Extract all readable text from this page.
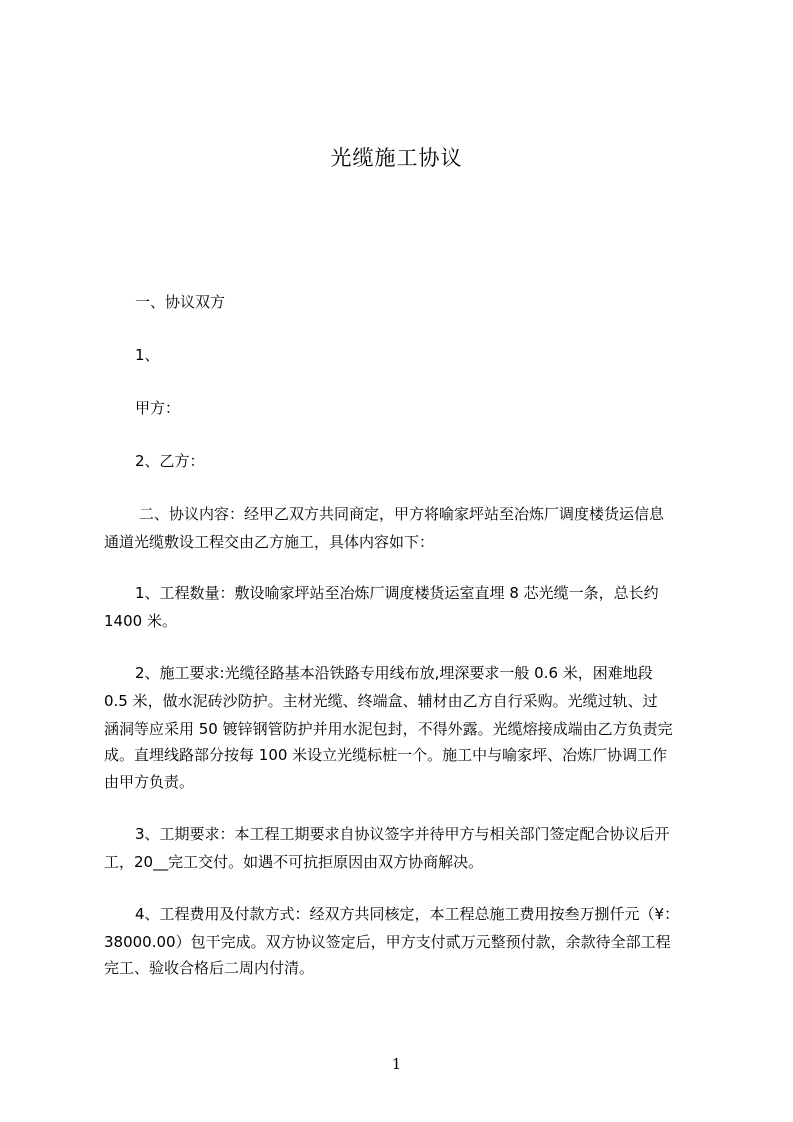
光缆施工协议
一、协议双方
1、
甲方：
2、乙方：
二、协议内容：经甲乙双方共同商定，甲方将喻家坪站至冶炼厂调度楼货运信息
通道光缆敷设工程交由乙方施工，具体内容如下：
1、工程数量：敷设喻家坪站至冶炼厂调度楼货运室直埋 8 芯光缆一条，总长约
1400 米。
2、施工要求:光缆径路基本沿铁路专用线布放,埋深要求一般 0.6 米，困难地段
0.5 米，做水泥砖沙防护。主材光缆、终端盒、辅材由乙方自行采购。光缆过轨、过
涵洞等应采用 50 镀锌钢管防护并用水泥包封，不得外露。光缆熔接成端由乙方负责完
成。直埋线路部分按每 100 米设立光缆标桩一个。施工中与喻家坪、冶炼厂协调工作
由甲方负责。
3、工期要求：本工程工期要求自协议签字并待甲方与相关部门签定配合协议后开
工，20__完工交付。如遇不可抗拒原因由双方协商解决。
4、工程费用及付款方式：经双方共同核定，本工程总施工费用按叁万捌仟元（¥：
38000.00）包干完成。双方协议签定后，甲方支付贰万元整预付款，余款待全部工程
完工、验收合格后二周内付清。
1
